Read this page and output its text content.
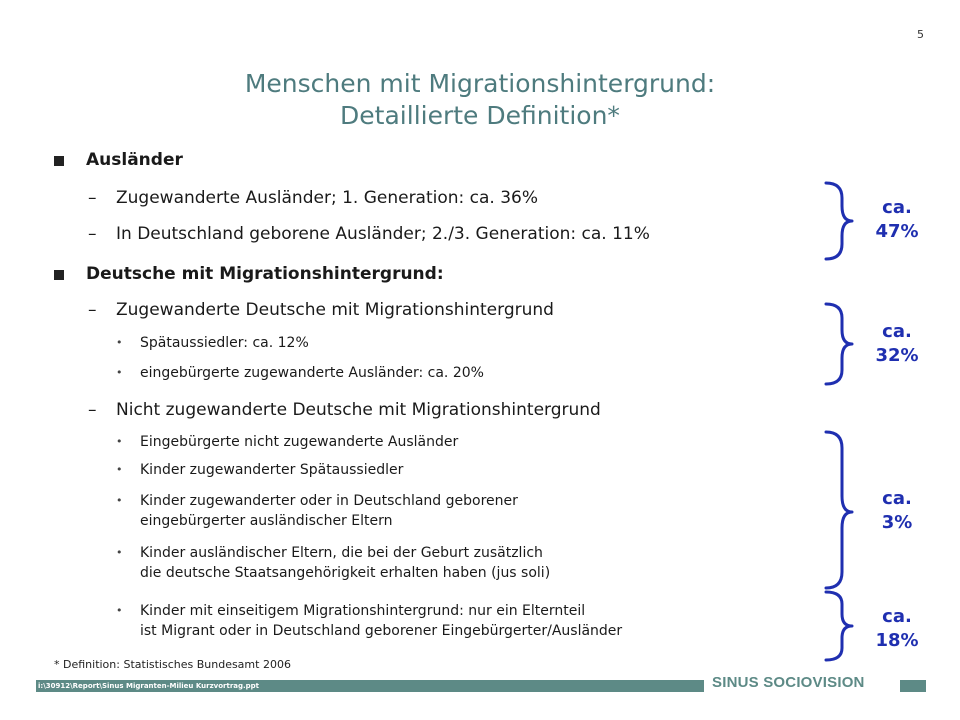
5
Menschen mit Migrationshintergrund:
Detaillierte Definition*
Ausländer
– Zugewanderte Ausländer; 1. Generation: ca. 36%
– In Deutschland geborene Ausländer; 2./3. Generation: ca. 11%
Deutsche mit Migrationshintergrund:
– Zugewanderte Deutsche mit Migrationshintergrund
• Spätaussiedler: ca. 12%
• eingebürgerte zugewanderte Ausländer: ca. 20%
– Nicht zugewanderte Deutsche mit Migrationshintergrund
• Eingebürgerte nicht zugewanderte Ausländer
• Kinder zugewanderter Spätaussiedler
• Kinder zugewanderter oder in Deutschland geborener
eingebürgerter ausländischer Eltern
• Kinder ausländischer Eltern, die bei der Geburt zusätzlich
die deutsche Staatsangehörigkeit erhalten haben (jus soli)
• Kinder mit einseitigem Migrationshintergrund: nur ein Elternteil
ist Migrant oder in Deutschland geborener Eingebürgerter/Ausländer
ca.
47%
ca.
32%
ca.
3%
ca.
18%
* Definition: Statistisches Bundesamt 2006
i:\30912\Report\Sinus Migranten-Milieu Kurzvortrag.ppt	SINUS SOCIOVISION
